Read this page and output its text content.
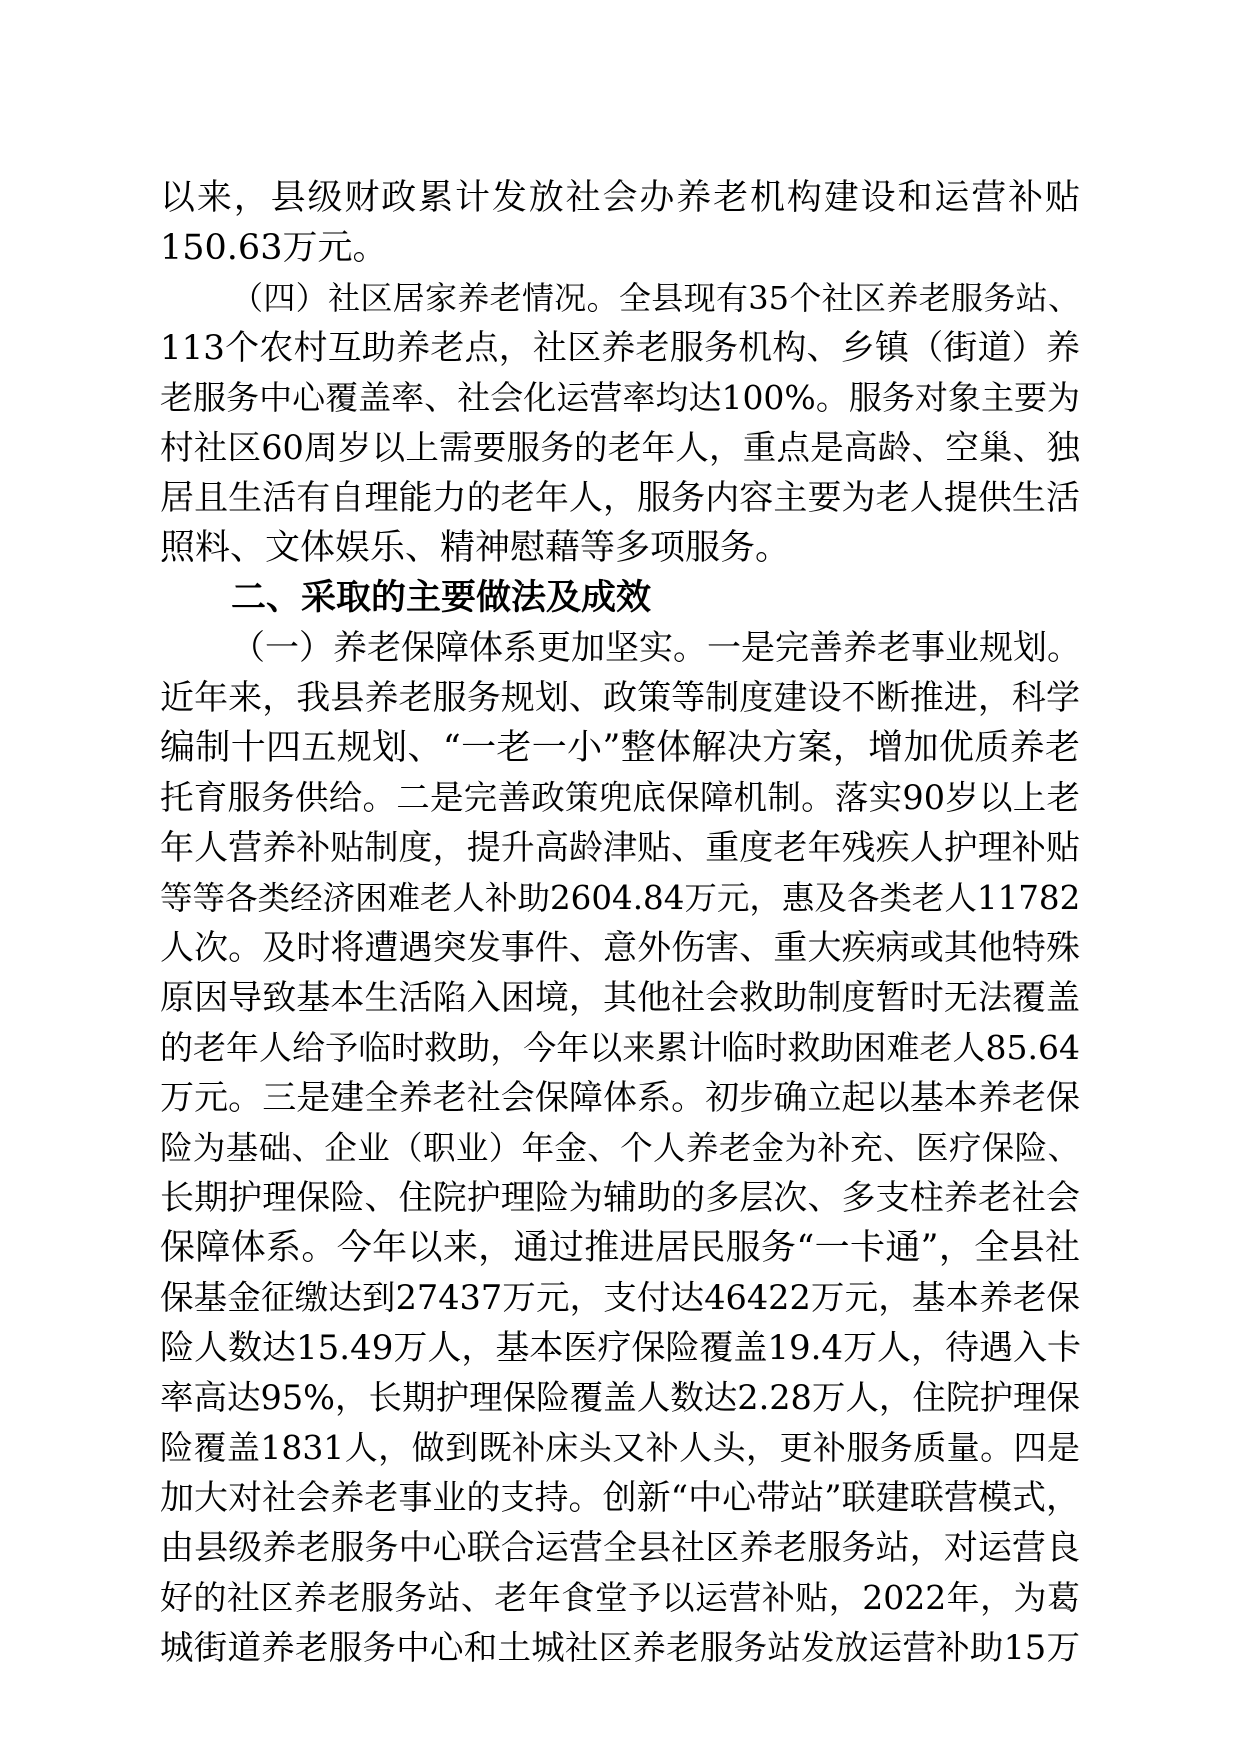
以来，县级财政累计发放社会办养老机构建设和运营补贴
150.63万元。
（四）社区居家养老情况。全县现有35个社区养老服务站、
113个农村互助养老点，社区养老服务机构、乡镇（街道）养
老服务中心覆盖率、社会化运营率均达100%。服务对象主要为
村社区60周岁以上需要服务的老年人，重点是高龄、空巢、独
居且生活有自理能力的老年人，服务内容主要为老人提供生活
照料、文体娱乐、精神慰藉等多项服务。
二、采取的主要做法及成效
（一）养老保障体系更加坚实。一是完善养老事业规划。
近年来，我县养老服务规划、政策等制度建设不断推进，科学
编制十四五规划、“一老一小”整体解决方案，增加优质养老
托育服务供给。二是完善政策兜底保障机制。落实90岁以上老
年人营养补贴制度，提升高龄津贴、重度老年残疾人护理补贴
等等各类经济困难老人补助2604.84万元，惠及各类老人11782
人次。及时将遭遇突发事件、意外伤害、重大疾病或其他特殊
原因导致基本生活陷入困境，其他社会救助制度暂时无法覆盖
的老年人给予临时救助，今年以来累计临时救助困难老人85.64
万元。三是建全养老社会保障体系。初步确立起以基本养老保
险为基础、企业（职业）年金、个人养老金为补充、医疗保险、
长期护理保险、住院护理险为辅助的多层次、多支柱养老社会
保障体系。今年以来，通过推进居民服务“一卡通”，全县社
保基金征缴达到27437万元，支付达46422万元，基本养老保
险人数达15.49万人，基本医疗保险覆盖19.4万人，待遇入卡
率高达95%，长期护理保险覆盖人数达2.28万人，住院护理保
险覆盖1831人，做到既补床头又补人头，更补服务质量。四是
加大对社会养老事业的支持。创新“中心带站”联建联营模式，
由县级养老服务中心联合运营全县社区养老服务站，对运营良
好的社区养老服务站、老年食堂予以运营补贴，2022年，为葛
城街道养老服务中心和土城社区养老服务站发放运营补助15万
